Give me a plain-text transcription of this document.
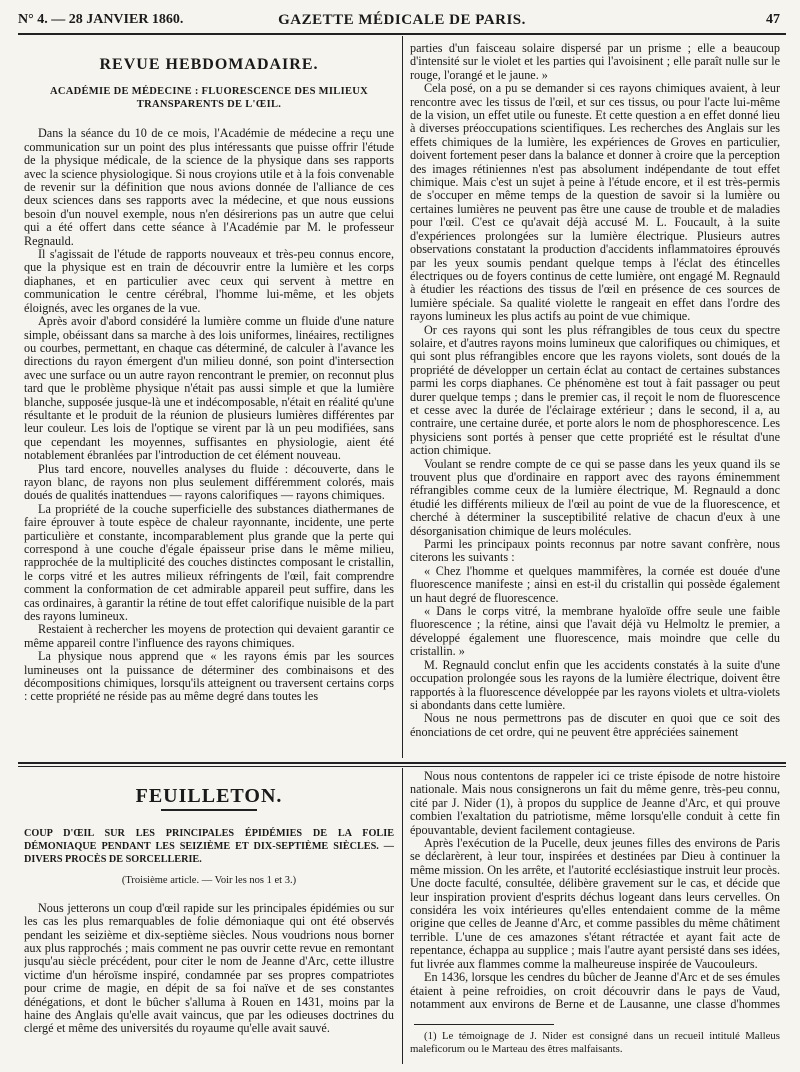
N° 4. — 28 JANVIER 1860.	GAZETTE MÉDICALE DE PARIS.	47
REVUE HEBDOMADAIRE.
ACADÉMIE DE MÉDECINE : FLUORESCENCE DES MILIEUX TRANSPARENTS DE L'ŒIL.

Dans la séance du 10 de ce mois, l'Académie de médecine a reçu une communication sur un point des plus intéressants que puisse offrir l'étude de la physique médicale, de la science de la physique dans ses rapports avec la science physiologique. Si nous croyions utile et à la fois convenable de revenir sur la définition que nous avions donnée de l'alliance de ces deux sciences dans ses rapports avec la médecine, et que nous eussions besoin d'un nouvel exemple, nous n'en désirerions pas un autre que celui qui a été offert dans cette séance à l'Académie par M. le professeur Regnauld.

Il s'agissait de l'étude de rapports nouveaux et très-peu connus encore, que la physique est en train de découvrir entre la lumière et les corps diaphanes, et en particulier avec ceux qui servent à mettre en communication le centre cérébral, l'homme lui-même, et les objets éloignés, avec les organes de la vue.

Après avoir d'abord considéré la lumière comme un fluide d'une nature simple, obéissant dans sa marche à des lois uniformes, linéaires, rectilignes ou courbes, permettant, en chaque cas déterminé, de calculer à l'avance les directions du rayon émergent d'un milieu donné, son point d'intersection avec une surface ou un autre rayon rencontrant le premier, on reconnut plus tard que le problème physique n'était pas aussi simple et que la lumière blanche, supposée jusque-là une et indécomposable, n'était en réalité qu'une résultante et le produit de la réunion de plusieurs lumières différentes par leur couleur. Les lois de l'optique se virent par là un peu modifiées, sans que cependant les moyennes, suffisantes en physiologie, aient été notablement ébranlées par l'introduction de cet élément nouveau.

Plus tard encore, nouvelles analyses du fluide : découverte, dans le rayon blanc, de rayons non plus seulement différemment colorés, mais doués de qualités inattendues — rayons calorifiques — rayons chimiques.

La propriété de la couche superficielle des substances diathermanes de faire éprouver à toute espèce de chaleur rayonnante, incidente, une perte particulière et constante, incomparablement plus grande que la perte qui correspond à une couche d'égale épaisseur prise dans le même milieu, rapprochée de la multiplicité des couches distinctes composant le cristallin, le corps vitré et les autres milieux réfringents de l'œil, fait comprendre comment la conformation de cet admirable appareil peut suffire, dans les cas ordinaires, à garantir la rétine de tout effet calorifique nuisible de la part des rayons lumineux.

Restaient à rechercher les moyens de protection qui devaient garantir ce même appareil contre l'influence des rayons chimiques.

La physique nous apprend que « les rayons émis par les sources lumineuses ont la puissance de déterminer des combinaisons et des décompositions chimiques, lorsqu'ils atteignent ou traversent certains corps : cette propriété ne réside pas au même degré dans toutes les

parties d'un faisceau solaire dispersé par un prisme ; elle a beaucoup d'intensité sur le violet et les parties qui l'avoisinent ; elle paraît nulle sur le rouge, l'orangé et le jaune. »

Cela posé, on a pu se demander si ces rayons chimiques avaient, à leur rencontre avec les tissus de l'œil, et sur ces tissus, ou pour l'acte lui-même de la vision, un effet utile ou funeste. Et cette question a en effet donné lieu à diverses préoccupations scientifiques. Les recherches des Anglais sur les effets chimiques de la lumière, les expériences de Groves en particulier, doivent fortement peser dans la balance et donner à croire que la perception des images rétiniennes n'est pas absolument indépendante de tout effet chimique. Mais c'est un sujet à peine à l'étude encore, et il est très-permis de s'occuper en même temps de la question de savoir si la lumière ou certaines lumières ne peuvent pas être une cause de trouble et de maladies pour l'œil. C'est ce qu'avait déjà accusé M. L. Foucault, à la suite d'expériences prolongées sur la lumière électrique. Plusieurs autres observations constatant la production d'accidents inflammatoires éprouvés par les yeux soumis pendant quelque temps à l'éclat des étincelles électriques ou de foyers continus de cette lumière, ont engagé M. Regnauld à étudier les réactions des tissus de l'œil en présence de ces sources de lumière spéciale. Sa qualité violette le rangeait en effet dans l'ordre des rayons lumineux les plus actifs au point de vue chimique.

Or ces rayons qui sont les plus réfrangibles de tous ceux du spectre solaire, et d'autres rayons moins lumineux que calorifiques ou chimiques, et qui sont plus réfrangibles encore que les rayons violets, sont doués de la propriété de développer un certain éclat au contact de certaines substances parmi les corps diaphanes. Ce phénomène est tout à fait passager ou peut durer quelque temps ; dans le premier cas, il reçoit le nom de fluorescence et cesse avec la durée de l'éclairage extérieur ; dans le second, il a, au contraire, une certaine durée, et porte alors le nom de phosphorescence. Les physiciens sont portés à penser que cette propriété est le résultat d'une action chimique.

Voulant se rendre compte de ce qui se passe dans les yeux quand ils se trouvent plus que d'ordinaire en rapport avec des rayons éminemment réfrangibles comme ceux de la lumière électrique, M. Regnauld a donc étudié les différents milieux de l'œil au point de vue de la fluorescence, et cherché à déterminer la susceptibilité relative de chacun d'eux à une désorganisation chimique de leurs molécules.

Parmi les principaux points reconnus par notre savant confrère, nous citerons les suivants :

« Chez l'homme et quelques mammifères, la cornée est douée d'une fluorescence manifeste ; ainsi en est-il du cristallin qui possède également un haut degré de fluorescence.

« Dans le corps vitré, la membrane hyaloïde offre seule une faible fluorescence ; la rétine, ainsi que l'avait déjà vu Helmoltz le premier, a développé également une fluorescence, mais moindre que celle du cristallin. »

M. Regnauld conclut enfin que les accidents constatés à la suite d'une occupation prolongée sous les rayons de la lumière électrique, doivent être rapportés à la fluorescence développée par les rayons violets et ultra-violets si abondants dans cette lumière.

Nous ne nous permettrons pas de discuter en quoi que ce soit des énonciations de cet ordre, qui ne peuvent être appréciées sainement

FEUILLETON.
COUP D'ŒIL SUR LES PRINCIPALES ÉPIDÉMIES DE LA FOLIE DÉMONIAQUE PENDANT LES SEIZIÈME ET DIX-SEPTIÈME SIÈCLES. — DIVERS PROCÈS DE SORCELLERIE.
(Troisième article. — Voir les nos 1 et 3.)

Nous jetterons un coup d'œil rapide sur les principales épidémies ou sur les cas les plus remarquables de folie démoniaque qui ont été observés pendant les seizième et dix-septième siècles. Nous voudrions nous borner aux plus rapprochés ; mais comment ne pas ouvrir cette revue en remontant jusqu'au siècle précédent, pour citer le nom de Jeanne d'Arc, cette illustre victime d'un héroïsme inspiré, condamnée par ses propres compatriotes pour crime de magie, en dépit de sa foi naïve et de ses constantes dénégations, et dont le bûcher s'alluma à Rouen en 1431, moins par la haine des Anglais qu'elle avait vaincus, que par les odieuses doctrines du clergé et même des universités du royaume qu'elle avait sauvé.

Nous nous contentons de rappeler ici ce triste épisode de notre histoire nationale. Mais nous consignerons un fait du même genre, très-peu connu, cité par J. Nider (1), à propos du supplice de Jeanne d'Arc, et qui prouve combien l'exaltation du patriotisme, même lorsqu'elle conduit à cette fin épouvantable, devient facilement contagieuse.

Après l'exécution de la Pucelle, deux jeunes filles des environs de Paris se déclarèrent, à leur tour, inspirées et destinées par Dieu à continuer la même mission. On les arrête, et l'autorité ecclésiastique instruit leur procès. Une docte faculté, consultée, délibère gravement sur le cas, et décide que leur inspiration provient d'esprits déchus logeant dans leurs cervelles. On considéra les voix intérieures qu'elles entendaient comme de la même origine que celles de Jeanne d'Arc, et comme passibles du même châtiment terrible. L'une de ces amazones s'étant rétractée et ayant fait acte de repentance, échappa au supplice ; mais l'autre ayant persisté dans ses idées, fut livrée aux flammes comme la malheureuse inspirée de Vaucouleurs.

En 1436, lorsque les cendres du bûcher de Jeanne d'Arc et de ses émules étaient à peine refroidies, on croit découvrir dans le pays de Vaud, notamment aux environs de Berne et de Lausanne, une classe d'hommes

(1) Le témoignage de J. Nider est consigné dans un recueil intitulé Malleus maleficorum ou le Marteau des êtres malfaisants.
